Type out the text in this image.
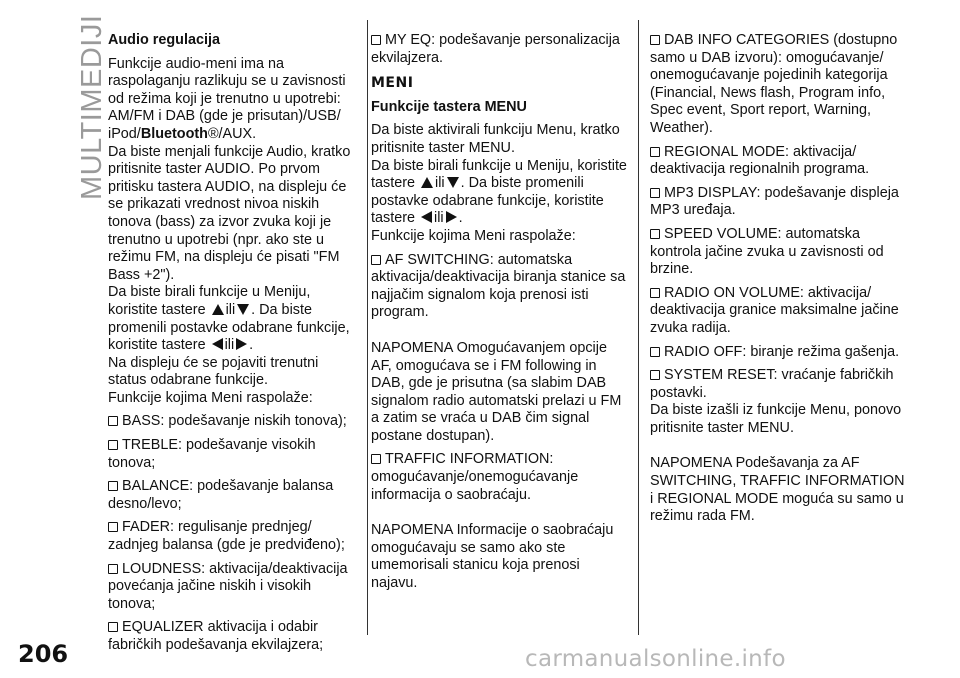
MULTIMEDIJI Audio regulacija

Funkcije audio-meni ima na raspolaganju razlikuju se u zavisnosti od režima koji je trenutno u upotrebi: AM/FM i DAB (gde je prisutan)/USB/ iPod/Bluetooth®/AUX.
Da biste menjali funkcije Audio, kratko pritisnite taster AUDIO. Po prvom pritisku tastera AUDIO, na displeju će se prikazati vrednost nivoa niskih tonova (bass) za izvor zvuka koji je trenutno u upotrebi (npr. ako ste u režimu FM, na displeju će pisati "FM Bass +2").
Da biste birali funkcije u Meniju, koristite tastere ili . Da biste promenili postavke odabrane funkcije, koristite tastere ili .
Na displeju će se pojaviti trenutni status odabrane funkcije.
Funkcije kojima Meni raspolaže:

BASS: podešavanje niskih tonova);

TREBLE: podešavanje visokih tonova;

BALANCE: podešavanje balansa desno/levo;

FADER: regulisanje prednjeg/ zadnjeg balansa (gde je predviđeno);

LOUDNESS: aktivacija/deaktivacija povećanja jačine niskih i visokih tonova;

EQUALIZER aktivacija i odabir fabričkih podešavanja ekvilajzera;

MY EQ: podešavanje personalizacija ekvilajzera.

MENI

Funkcije tastera MENU

Da biste aktivirali funkciju Menu, kratko pritisnite taster MENU.
Da biste birali funkcije u Meniju, koristite tastere ili . Da biste promenili postavke odabrane funkcije, koristite tastere ili .
Funkcije kojima Meni raspolaže:

AF SWITCHING: automatska aktivacija/deaktivacija biranja stanice sa najjačim signalom koja prenosi isti program.

NAPOMENA Omogućavanjem opcije AF, omogućava se i FM following in DAB, gde je prisutna (sa slabim DAB signalom radio automatski prelazi u FM a zatim se vraća u DAB čim signal postane dostupan).

TRAFFIC INFORMATION: omogućavanje/onemogućavanje informacija o saobraćaju.

NAPOMENA Informacije o saobraćaju omogućavaju se samo ako ste umemorisali stanicu koja prenosi najavu.

DAB INFO CATEGORIES (dostupno samo u DAB izvoru): omogućavanje/ onemogućavanje pojedinih kategorija (Financial, News flash, Program info, Spec event, Sport report, Warning, Weather).

REGIONAL MODE: aktivacija/ deaktivacija regionalnih programa.

MP3 DISPLAY: podešavanje displeja MP3 uređaja.

SPEED VOLUME: automatska kontrola jačine zvuka u zavisnosti od brzine.

RADIO ON VOLUME: aktivacija/ deaktivacija granice maksimalne jačine zvuka radija.

RADIO OFF: biranje režima gašenja.

SYSTEM RESET: vraćanje fabričkih postavki.

Da biste izašli iz funkcije Menu, ponovo pritisnite taster MENU.

NAPOMENA Podešavanja za AF SWITCHING, TRAFFIC INFORMATION i REGIONAL MODE moguća su samo u režimu rada FM.

206	carmanualsonline.info
